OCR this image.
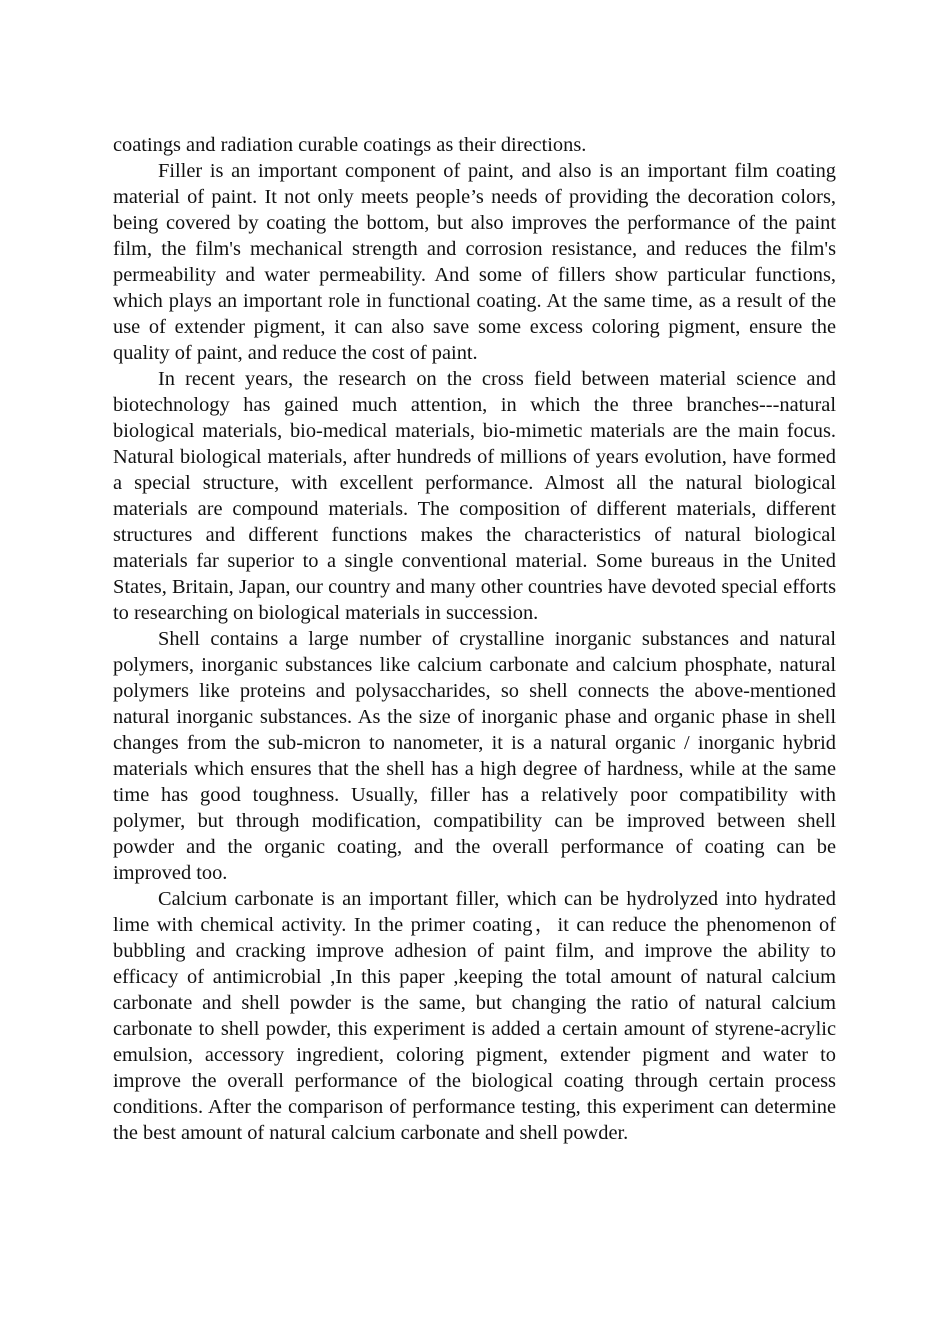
coatings and radiation curable coatings as their directions.

Filler is an important component of paint, and also is an important film coating material of paint. It not only meets people’s needs of providing the decoration colors, being covered by coating the bottom, but also improves the performance of the paint film, the film's mechanical strength and corrosion resistance, and reduces the film's permeability and water permeability. And some of fillers show particular functions, which plays an important role in functional coating. At the same time, as a result of the use of extender pigment, it can also save some excess coloring pigment, ensure the quality of paint, and reduce the cost of paint.

In recent years, the research on the cross field between material science and biotechnology has gained much attention, in which the three branches---natural biological materials, bio-medical materials, bio-mimetic materials are the main focus. Natural biological materials, after hundreds of millions of years evolution, have formed a special structure, with excellent performance. Almost all the natural biological materials are compound materials. The composition of different materials, different structures and different functions makes the characteristics of natural biological materials far superior to a single conventional material. Some bureaus in the United States, Britain, Japan, our country and many other countries have devoted special efforts to researching on biological materials in succession.

Shell contains a large number of crystalline inorganic substances and natural polymers, inorganic substances like calcium carbonate and calcium phosphate, natural polymers like proteins and polysaccharides, so shell connects the above-mentioned natural inorganic substances. As the size of inorganic phase and organic phase in shell changes from the sub-micron to nanometer, it is a natural organic / inorganic hybrid materials which ensures that the shell has a high degree of hardness, while at the same time has good toughness. Usually, filler has a relatively poor compatibility with polymer, but through modification, compatibility can be improved between shell powder and the organic coating, and the overall performance of coating can be improved too.

Calcium carbonate is an important filler, which can be hydrolyzed into hydrated lime with chemical activity. In the primer coating，it can reduce the phenomenon of bubbling and cracking improve adhesion of paint film, and improve the ability to efficacy of antimicrobial ,In this paper ,keeping the total amount of natural calcium carbonate and shell powder is the same, but changing the ratio of natural calcium carbonate to shell powder, this experiment is added a certain amount of styrene-acrylic emulsion, accessory ingredient, coloring pigment, extender pigment and water to improve the overall performance of the biological coating through certain process conditions. After the comparison of performance testing, this experiment can determine the best amount of natural calcium carbonate and shell powder.
